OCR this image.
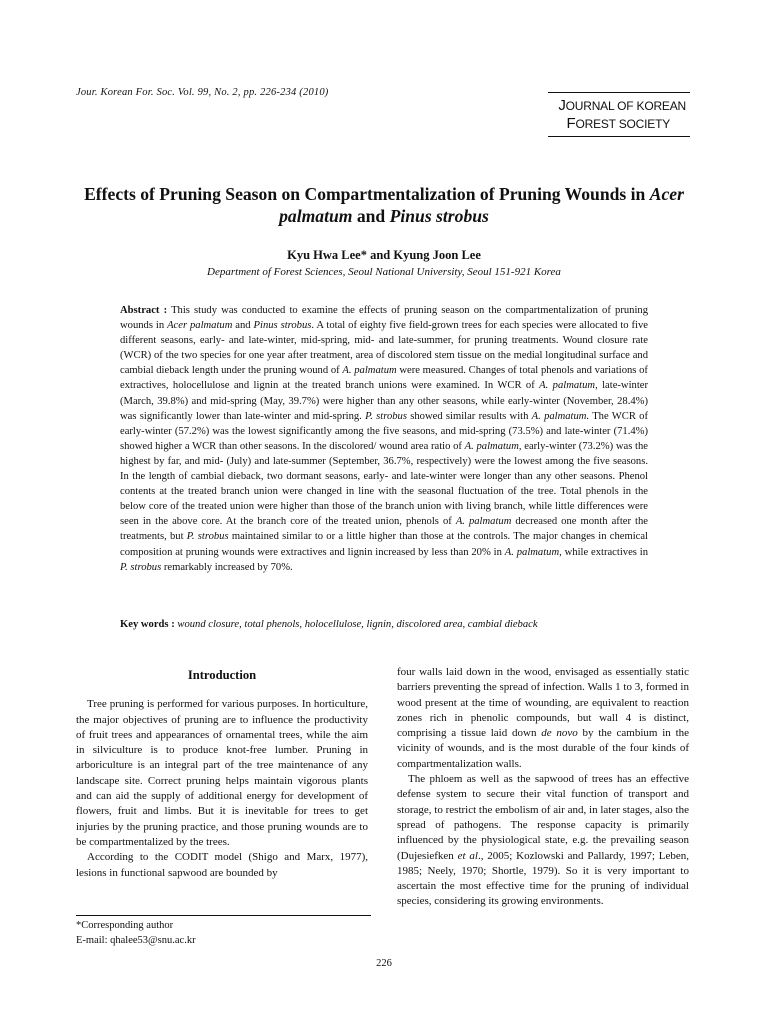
Jour. Korean For. Soc. Vol. 99, No. 2, pp. 226-234 (2010)
JOURNAL OF KOREAN
FOREST SOCIETY
Effects of Pruning Season on Compartmentalization of Pruning Wounds in Acer palmatum and Pinus strobus
Kyu Hwa Lee* and Kyung Joon Lee
Department of Forest Sciences, Seoul National University, Seoul 151-921 Korea
Abstract : This study was conducted to examine the effects of pruning season on the compartmentalization of pruning wounds in Acer palmatum and Pinus strobus. A total of eighty five field-grown trees for each species were allocated to five different seasons, early- and late-winter, mid-spring, mid- and late-summer, for pruning treatments. Wound closure rate (WCR) of the two species for one year after treatment, area of discolored stem tissue on the medial longitudinal surface and cambial dieback length under the pruning wound of A. palmatum were measured. Changes of total phenols and variations of extractives, holocellulose and lignin at the treated branch unions were examined. In WCR of A. palmatum, late-winter (March, 39.8%) and mid-spring (May, 39.7%) were higher than any other seasons, while early-winter (November, 28.4%) was significantly lower than late-winter and mid-spring. P. strobus showed similar results with A. palmatum. The WCR of early-winter (57.2%) was the lowest significantly among the five seasons, and mid-spring (73.5%) and late-winter (71.4%) showed higher a WCR than other seasons. In the discolored/ wound area ratio of A. palmatum, early-winter (73.2%) was the highest by far, and mid- (July) and late-summer (September, 36.7%, respectively) were the lowest among the five seasons. In the length of cambial dieback, two dormant seasons, early- and late-winter were longer than any other seasons. Phenol contents at the treated branch union were changed in line with the seasonal fluctuation of the tree. Total phenols in the below core of the treated union were higher than those of the branch union with living branch, while little differences were seen in the above core. At the branch core of the treated union, phenols of A. palmatum decreased one month after the treatments, but P. strobus maintained similar to or a little higher than those at the controls. The major changes in chemical composition at pruning wounds were extractives and lignin increased by less than 20% in A. palmatum, while extractives in P. strobus remarkably increased by 70%.
Key words : wound closure, total phenols, holocellulose, lignin, discolored area, cambial dieback
Introduction

Tree pruning is performed for various purposes. In horticulture, the major objectives of pruning are to influence the productivity of fruit trees and appearances of ornamental trees, while the aim in silviculture is to produce knot-free lumber. Pruning in arboriculture is an integral part of the tree maintenance of any landscape site. Correct pruning helps maintain vigorous plants and can aid the supply of additional energy for development of flowers, fruit and limbs. But it is inevitable for trees to get injuries by the pruning practice, and those pruning wounds are to be compartmentalized by the trees.

According to the CODIT model (Shigo and Marx, 1977), lesions in functional sapwood are bounded by

four walls laid down in the wood, envisaged as essentially static barriers preventing the spread of infection. Walls 1 to 3, formed in wood present at the time of wounding, are equivalent to reaction zones rich in phenolic compounds, but wall 4 is distinct, comprising a tissue laid down de novo by the cambium in the vicinity of wounds, and is the most durable of the four kinds of compartmentalization walls.

The phloem as well as the sapwood of trees has an effective defense system to secure their vital function of transport and storage, to restrict the embolism of air and, in later stages, also the spread of pathogens. The response capacity is primarily influenced by the physiological state, e.g. the prevailing season (Dujesiefken et al., 2005; Kozlowski and Pallardy, 1997; Leben, 1985; Neely, 1970; Shortle, 1979). So it is very important to ascertain the most effective time for the pruning of individual species, considering its growing environments.

*Corresponding author
E-mail: qhalee53@snu.ac.kr
226
